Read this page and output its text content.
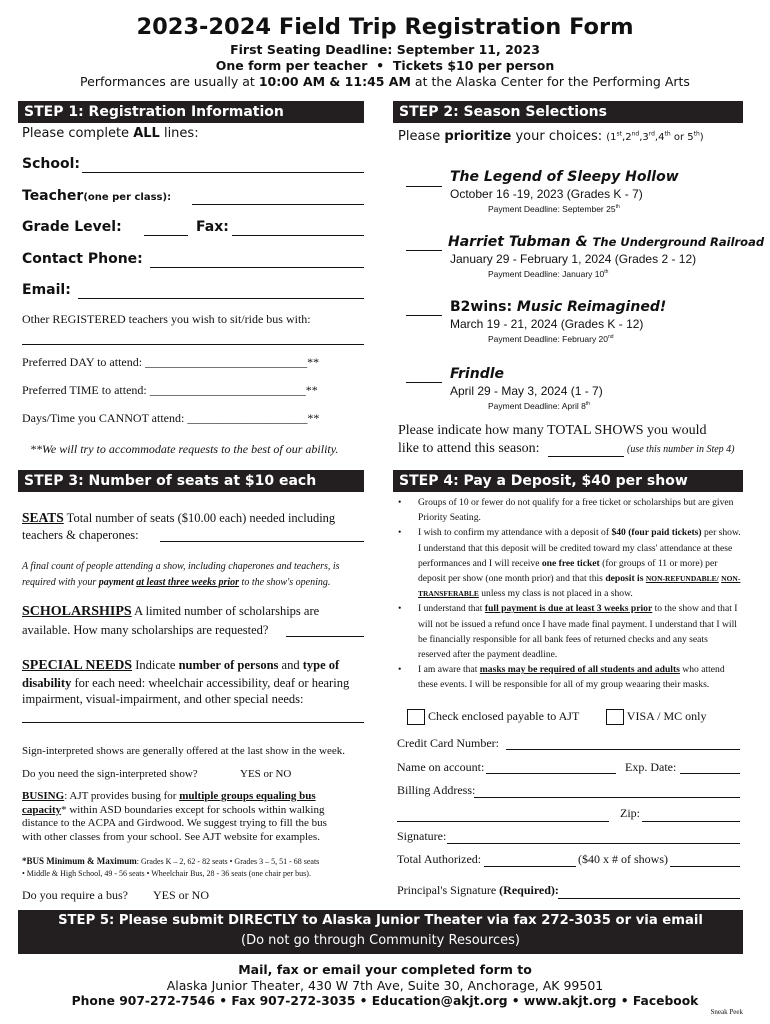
2023-2024 Field Trip Registration Form
First Seating Deadline: September 11, 2023
One form per teacher • Tickets $10 per person
Performances are usually at 10:00 AM & 11:45 AM at the Alaska Center for the Performing Arts
STEP 1: Registration Information
Please complete ALL lines:
School:
Teacher(one per class):
Grade Level:	Fax:
Contact Phone:
Email:
Other REGISTERED teachers you wish to sit/ride bus with:
Preferred DAY to attend: ___________________________**
Preferred TIME to attend: __________________________**
Days/Time you CANNOT attend: ____________________**
**We will try to accommodate requests to the best of our ability.
STEP 2: Season Selections
Please prioritize your choices: (1st,2nd,3rd,4th or 5th)
The Legend of Sleepy Hollow
October 16 -19, 2023 (Grades K - 7)
Payment Deadline: September 25th
Harriet Tubman & The Underground Railroad
January 29 - February 1, 2024 (Grades 2 - 12)
Payment Deadline: January 10th
B2wins: Music Reimagined!
March 19 - 21, 2024 (Grades K - 12)
Payment Deadline: February 20nd
Frindle
April 29 - May 3, 2024 (1 - 7)
Payment Deadline: April 8th
Please indicate how many TOTAL SHOWS you would
like to attend this season:	(use this number in Step 4)
STEP 3: Number of seats at $10 each
SEATS Total number of seats ($10.00 each) needed including
teachers & chaperones:
A final count of people attending a show, including chaperones and teachers, is
required with your payment at least three weeks prior to the show's opening.
SCHOLARSHIPS A limited number of scholarships are
available. How many scholarships are requested?
SPECIAL NEEDS Indicate number of persons and type of
disability for each need: wheelchair accessibility, deaf or hearing
impairment, visual-impairment, and other special needs:
Sign-interpreted shows are generally offered at the last show in the week.
Do you need the sign-interpreted show?	YES or NO
BUSING: AJT provides busing for multiple groups equaling bus
capacity* within ASD boundaries except for schools within walking
distance to the ACPA and Girdwood. We suggest trying to fill the bus
with other classes from your school. See AJT website for examples.
*BUS Minimum & Maximum: Grades K – 2, 62 - 82 seats • Grades 3 – 5, 51 - 68 seats
• Middle & High School, 49 - 56 seats • Wheelchair Bus, 28 - 36 seats (one chair per bus).
Do you require a bus? YES or NO
STEP 4: Pay a Deposit, $40 per show

• Groups of 10 or fewer do not qualify for a free ticket or scholarships but are given Priority Seating.

• I wish to confirm my attendance with a deposit of $40 (four paid tickets) per show. I understand that this deposit will be credited toward my class' attendance at these performances and I will receive one free ticket (for groups of 11 or more) per deposit per show (one month prior) and that this deposit is NON-REFUNDABLE/ NON-TRANSFERABLE unless my class is not placed in a show.

• I understand that full payment is due at least 3 weeks prior to the show and that I will not be issued a refund once I have made final payment. I understand that I will be financially responsible for all bank fees of returned checks and any seats reserved after the payment deadline.

• I am aware that masks may be required of all students and adults who attend these events. I will be responsible for all of my group weaaring their masks.

Check enclosed payable to AJT	VISA / MC only
Credit Card Number:
Name on account:	Exp. Date:
Billing Address:
Zip:
Signature:
Total Authorized:	($40 x # of shows)
Principal's Signature (Required):
STEP 5: Please submit DIRECTLY to Alaska Junior Theater via fax 272-3035 or via email
(Do not go through Community Resources)
Mail, fax or email your completed form to
Alaska Junior Theater, 430 W 7th Ave, Suite 30, Anchorage, AK 99501
Phone 907-272-7546 • Fax 907-272-3035 • Education@akjt.org • www.akjt.org • Facebook
Sneak Peek
